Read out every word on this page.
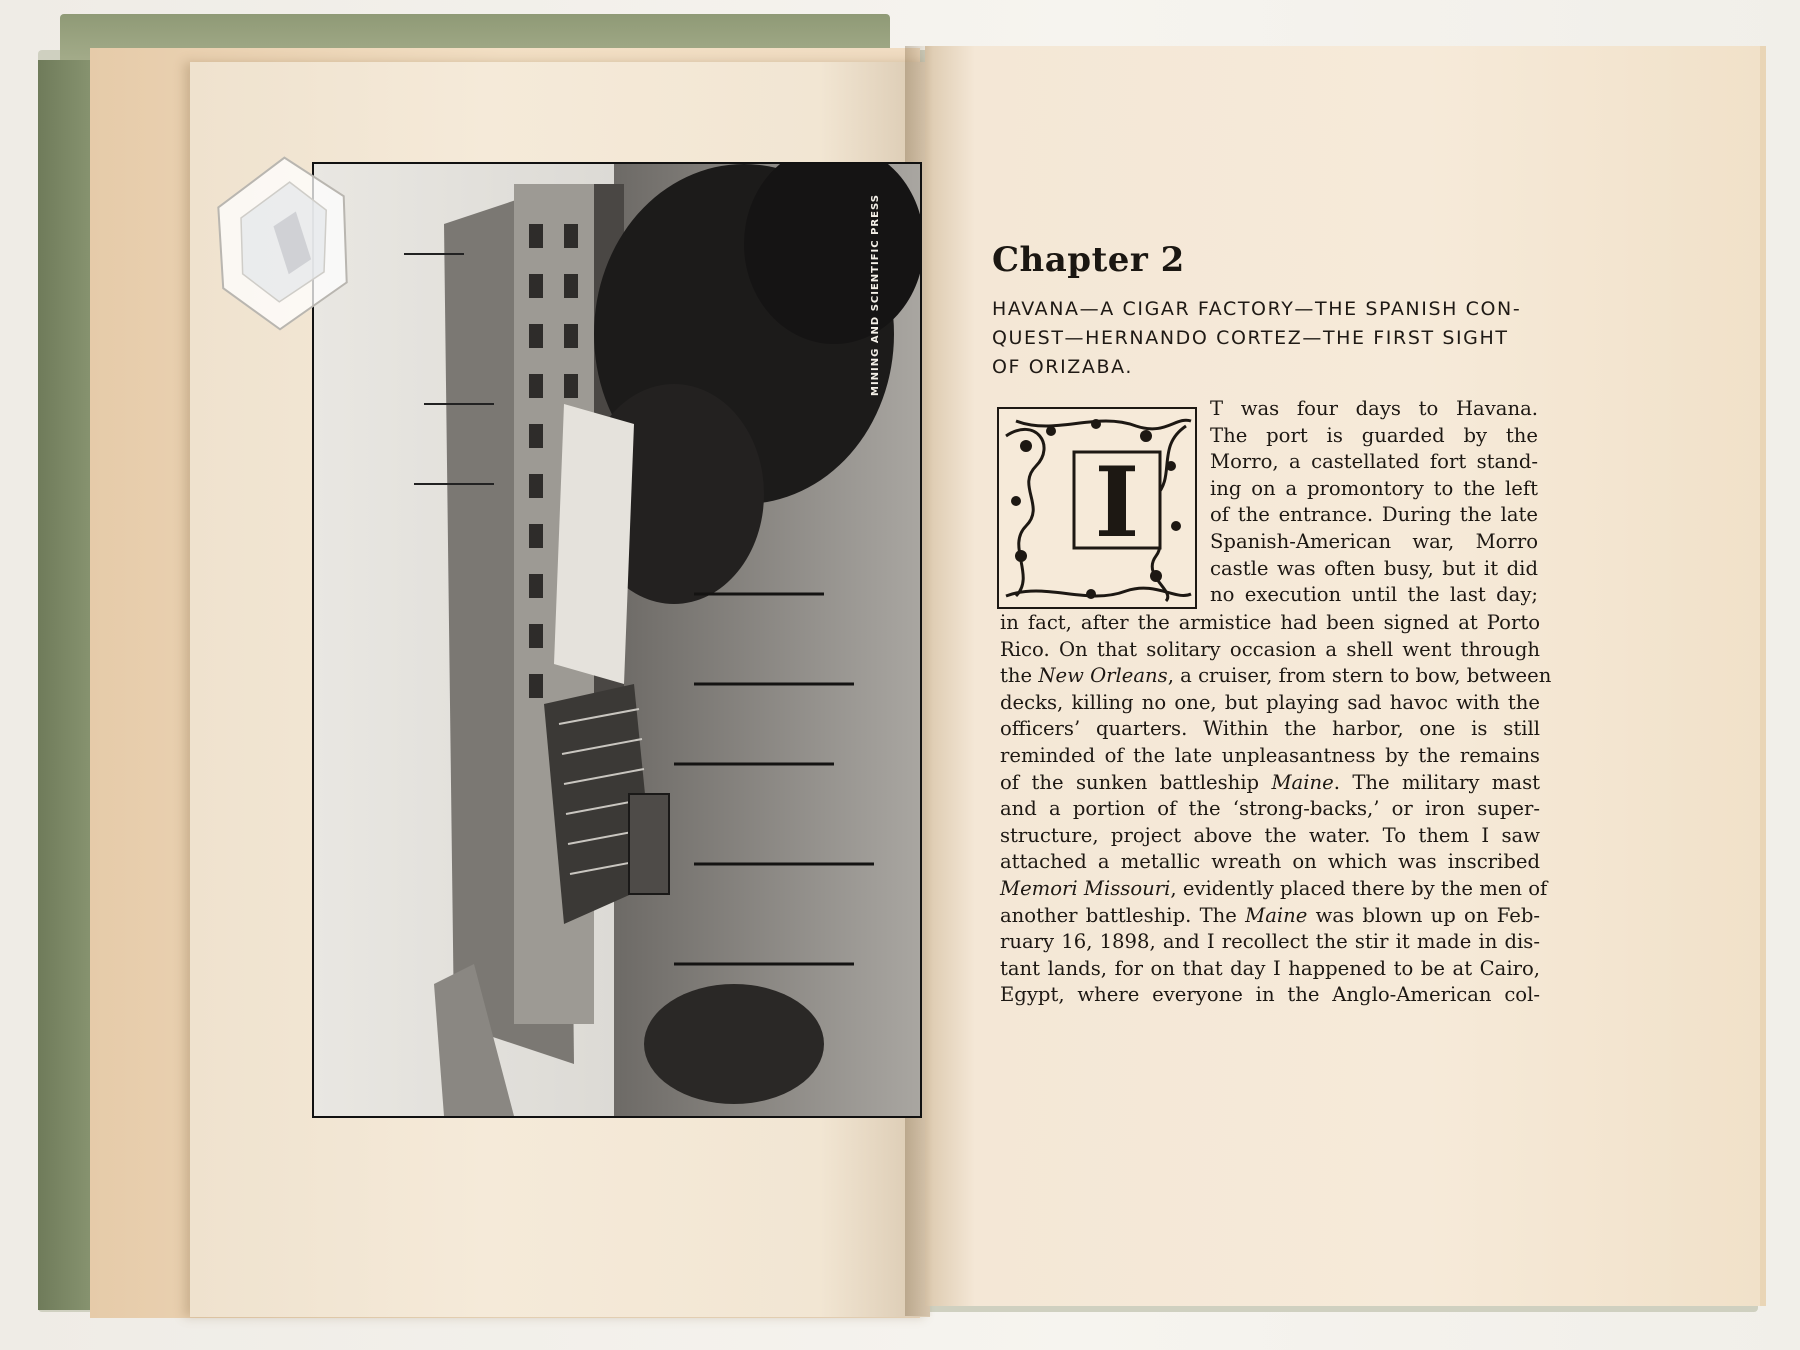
MINING AND SCIENTIFIC PRESS	Chapter 2
HAVANA—A CIGAR FACTORY—THE SPANISH CON- QUEST—HERNANDO CORTEZ—THE FIRST SIGHT OF ORIZABA.
I
T was four days to Havana.
The port is guarded by the
Morro, a castellated fort stand-
ing on a promontory to the left
of the entrance. During the late
Spanish-American war, Morro
castle was often busy, but it did
no execution until the last day;
in fact, after the armistice had been signed at Porto
Rico. On that solitary occasion a shell went through
the New Orleans, a cruiser, from stern to bow, between
decks, killing no one, but playing sad havoc with the
officers’ quarters. Within the harbor, one is still
reminded of the late unpleasantness by the remains
of the sunken battleship Maine. The military mast
and a portion of the ‘strong-backs,’ or iron super-
structure, project above the water. To them I saw
attached a metallic wreath on which was inscribed
Memori Missouri, evidently placed there by the men of
another battleship. The Maine was blown up on Feb-
ruary 16, 1898, and I recollect the stir it made in dis-
tant lands, for on that day I happened to be at Cairo,
Egypt, where everyone in the Anglo-American col-
